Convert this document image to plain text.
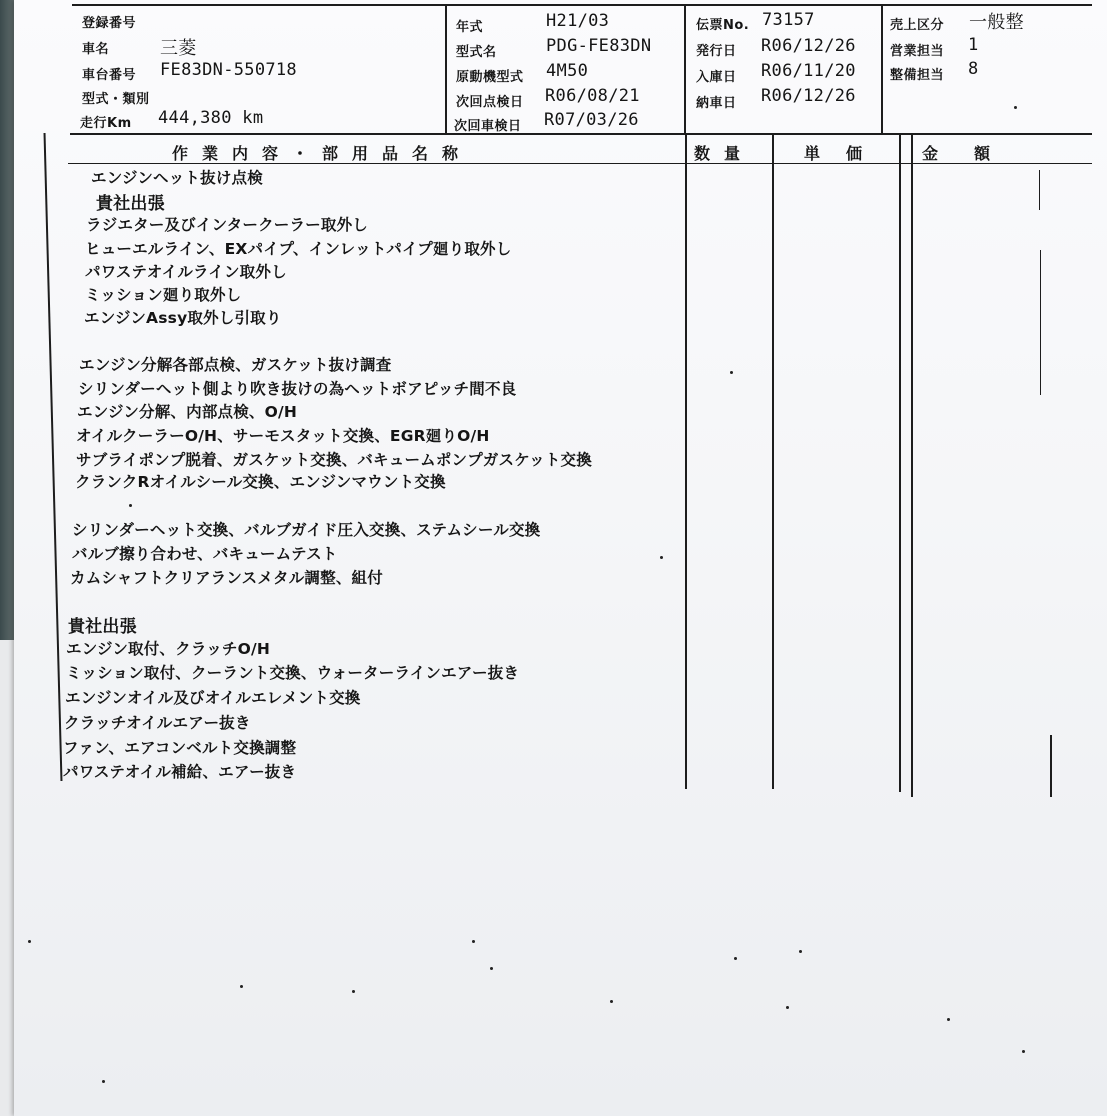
登録番号
車名	三菱
車台番号 FE83DN-550718
型式・類別
走行Km 444,380 km
年式	H21/03
型式名	PDG-FE83DN
原動機型式 4M50
次回点検日 R06/08/21
次回車検日 R07/03/26
伝票No. 73157
発行日 R06/12/26
入庫日 R06/11/20
納車日 R06/12/26
売上区分 一般整
営業担当 1
整備担当 8
作業内容・部用品名称	数量	単価 金額
エンジンヘット抜け点検
貴社出張
ラジエター及びインタークーラー取外し
ヒューエルライン、EXパイプ、インレットパイプ廻り取外し
パワステオイルライン取外し
ミッション廻り取外し
エンジンAssy取外し引取り
エンジン分解各部点検、ガスケット抜け調査
シリンダーヘット側より吹き抜けの為ヘットボアピッチ間不良
エンジン分解、内部点検、O/H
オイルクーラーO/H、サーモスタット交換、EGR廻りO/H
サブライポンプ脱着、ガスケット交換、バキュームポンプガスケット交換
クランクRオイルシール交換、エンジンマウント交換
シリンダーヘット交換、バルブガイド圧入交換、ステムシール交換
バルブ擦り合わせ、バキュームテスト
カムシャフトクリアランスメタル調整、組付
貴社出張
エンジン取付、クラッチO/H
ミッション取付、クーラント交換、ウォーターラインエアー抜き
エンジンオイル及びオイルエレメント交換
クラッチオイルエアー抜き
ファン、エアコンベルト交換調整
パワステオイル補給、エアー抜き
